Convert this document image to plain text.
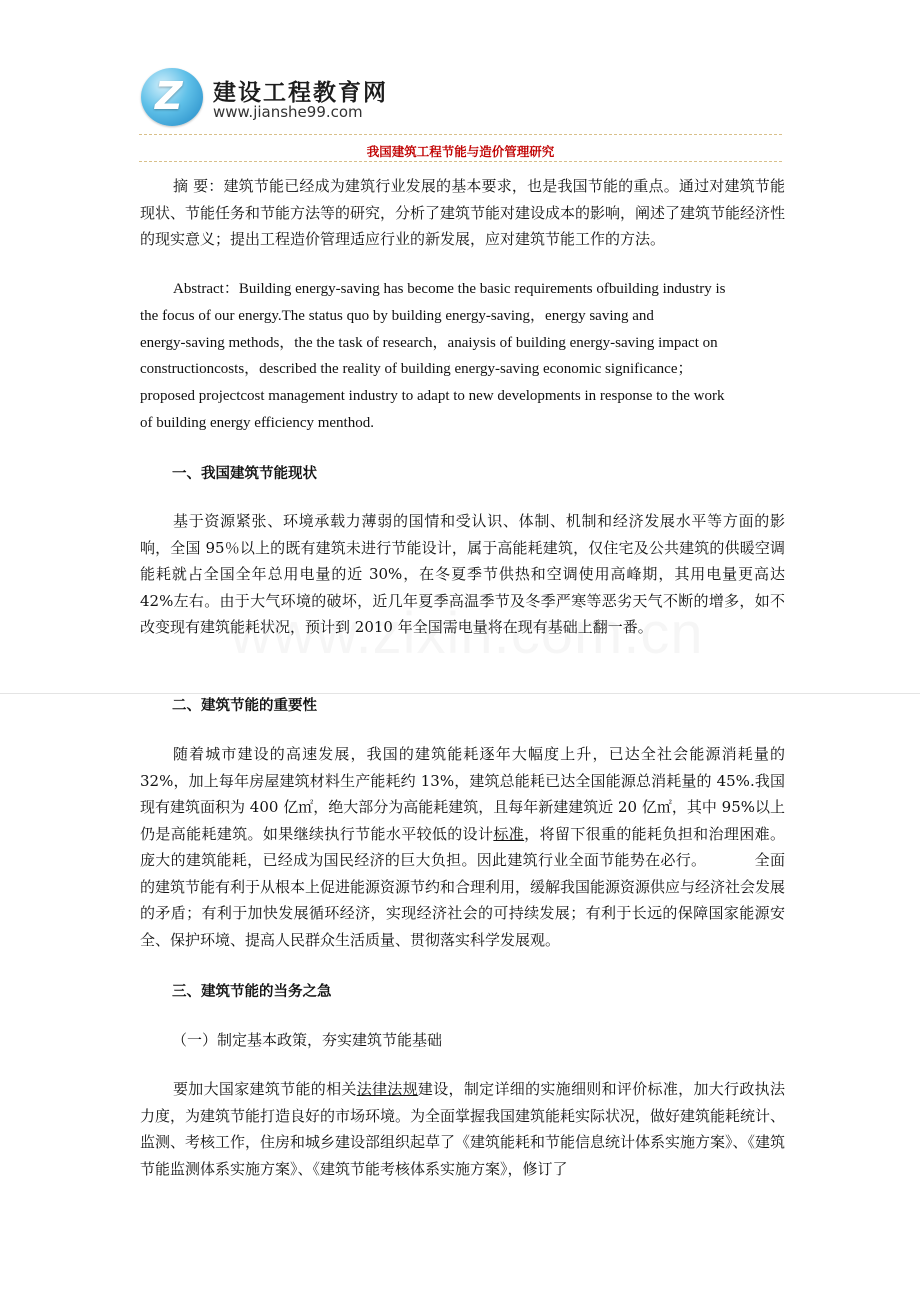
Z 建设工程教育网
www.jianshe99.com
我国建筑工程节能与造价管理研究

摘 要：建筑节能已经成为建筑行业发展的基本要求，也是我国节能的重点。通过对建筑节能现状、节能任务和节能方法等的研究，分析了建筑节能对建设成本的影响，阐述了建筑节能经济性的现实意义；提出工程造价管理适应行业的新发展，应对建筑节能工作的方法。

Abstract：Building energy-saving has become the basic requirements ofbuilding industry is
the focus of our energy.The status quo by building energy-saving，energy saving and
energy-saving methods，the the task of research，anaiysis of building energy-saving impact on
constructioncosts，described the reality of building energy-saving economic significance；
proposed projectcost management industry to adapt to new developments in response to the work
of building energy efficiency menthod.
一、我国建筑节能现状

基于资源紧张、环境承载力薄弱的国情和受认识、体制、机制和经济发展水平等方面的影响，全国 95％以上的既有建筑未进行节能设计，属于高能耗建筑，仅住宅及公共建筑的供暖空调能耗就占全国全年总用电量的近 30%，在冬夏季节供热和空调使用高峰期，其用电量更高达 42%左右。由于大气环境的破坏，近几年夏季高温季节及冬季严寒等恶劣天气不断的增多，如不改变现有建筑能耗状况，预计到 2010 年全国需电量将在现有基础上翻一番。

二、建筑节能的重要性

随着城市建设的高速发展，我国的建筑能耗逐年大幅度上升，已达全社会能源消耗量的 32%，加上每年房屋建筑材料生产能耗约 13%，建筑总能耗已达全国能源总消耗量的 45%.我国现有建筑面积为 400 亿㎡，绝大部分为高能耗建筑，且每年新建建筑近 20 亿㎡，其中 95%以上仍是高能耗建筑。如果继续执行节能水平较低的设计标准，将留下很重的能耗负担和治理困难。庞大的建筑能耗，已经成为国民经济的巨大负担。因此建筑行业全面节能势在必行。	全面的建筑节能有利于从根本上促进能源资源节约和合理利用，缓解我国能源资源供应与经济社会发展的矛盾；有利于加快发展循环经济，实现经济社会的可持续发展；有利于长远的保障国家能源安全、保护环境、提高人民群众生活质量、贯彻落实科学发展观。

三、建筑节能的当务之急
（一）制定基本政策，夯实建筑节能基础

要加大国家建筑节能的相关法律法规建设，制定详细的实施细则和评价标准，加大行政执法力度，为建筑节能打造良好的市场环境。为全面掌握我国建筑能耗实际状况，做好建筑能耗统计、监测、考核工作，住房和城乡建设部组织起草了《建筑能耗和节能信息统计体系实施方案》、《建筑节能监测体系实施方案》、《建筑节能考核体系实施方案》，修订了
